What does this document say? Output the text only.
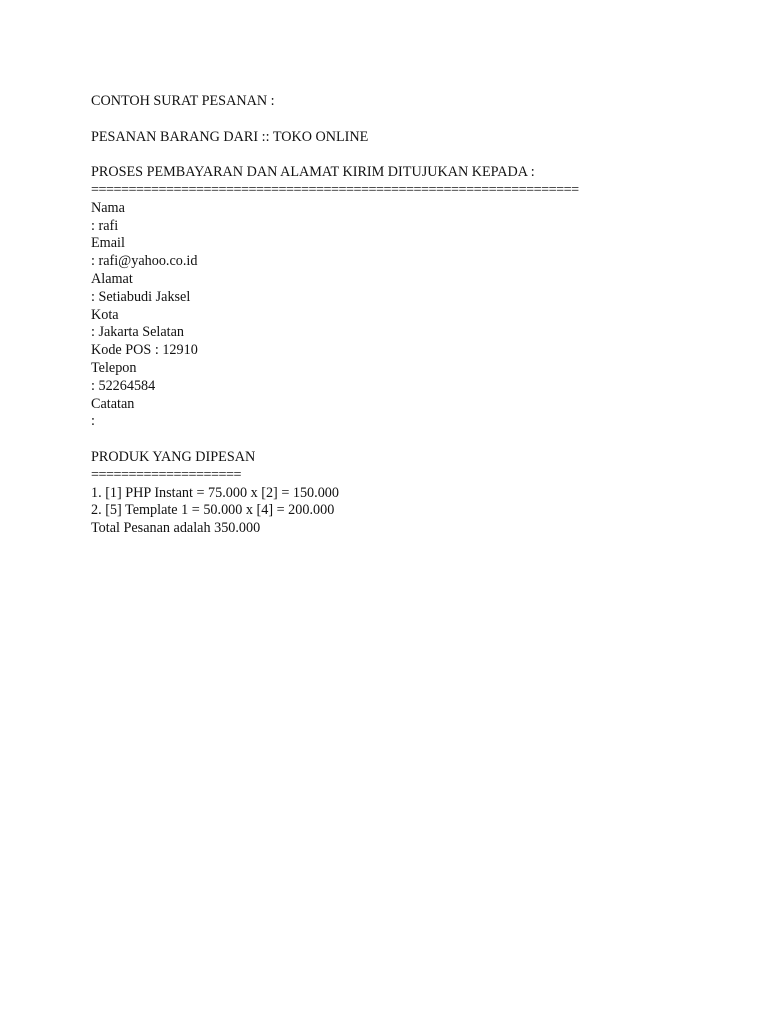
CONTOH SURAT PESANAN :
PESANAN BARANG DARI :: TOKO ONLINE
PROSES PEMBAYARAN DAN ALAMAT KIRIM DITUJUKAN KEPADA :
=================================================================
Nama
: rafi
Email
: rafi@yahoo.co.id
Alamat
: Setiabudi Jaksel
Kota
: Jakarta Selatan
Kode POS : 12910
Telepon
: 52264584
Catatan
:
PRODUK YANG DIPESAN
====================
1. [1] PHP Instant = 75.000 x [2] = 150.000
2. [5] Template 1 = 50.000 x [4] = 200.000
Total Pesanan adalah 350.000
